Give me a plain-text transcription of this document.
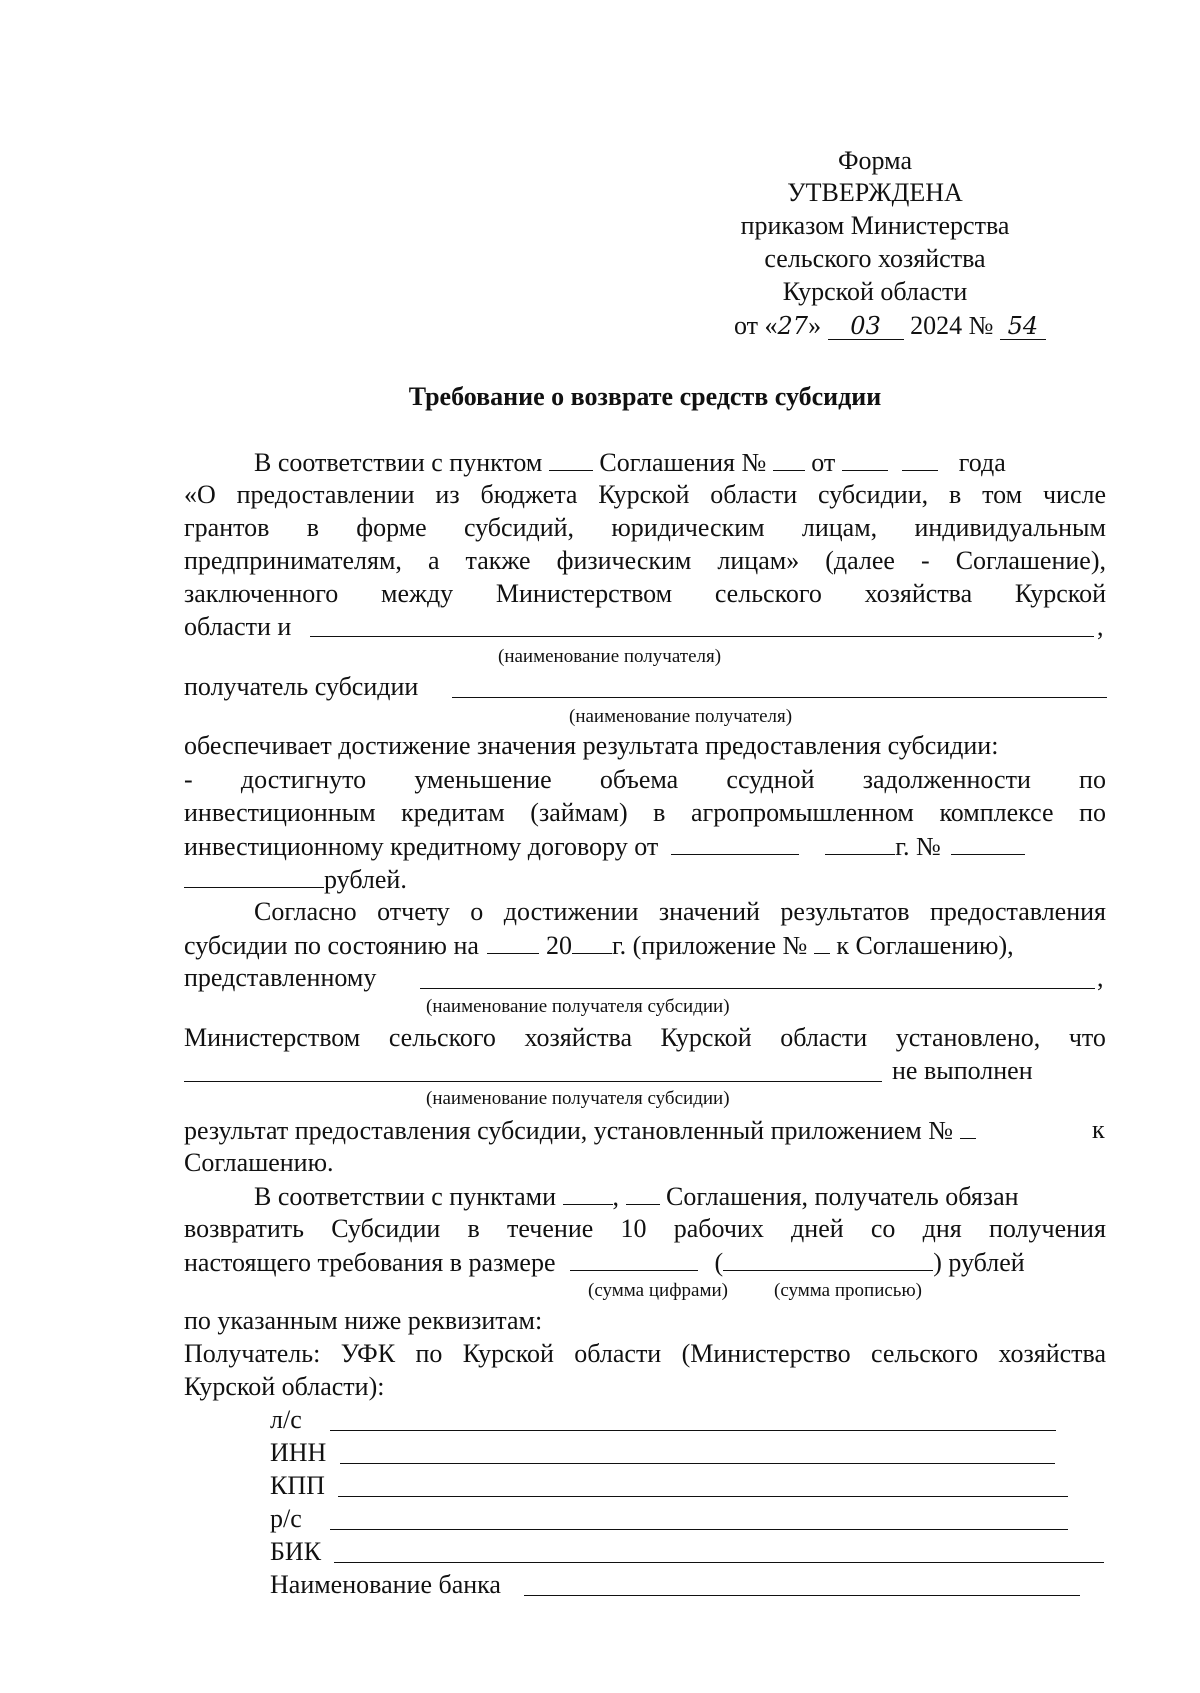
Форма
УТВЕРЖДЕНА
приказом Министерства
сельского хозяйства
Курской области
от «27» 03 2024 № 54
Требование о возврате средств субсидии
В соответствии с пунктом Соглашения № от	года
«О предоставлении из бюджета Курской области субсидии, в том числе
грантов в форме субсидий, юридическим лицам, индивидуальным
предпринимателям, а также физическим лицам» (далее - Соглашение),
заключенного между Министерством сельского хозяйства Курской
области и	,
(наименование получателя)
получатель субсидии
(наименование получателя)
обеспечивает достижение значения результата предоставления субсидии:
- достигнуто уменьшение объема ссудной задолженности по
инвестиционным кредитам (займам) в агропромышленном комплексе по
инвестиционному кредитному договору от	г. №
рублей.
Согласно отчету о достижении значений результатов предоставления
субсидии по состоянию на	20 г. (приложение № к Соглашению),
представленному	,
(наименование получателя субсидии)
Министерством сельского хозяйства Курской области установлено, что
не выполнен
(наименование получателя субсидии)
результат предоставления субсидии, установленный приложением №	к
Соглашению.
В соответствии с пунктами , Соглашения, получатель обязан
возвратить Субсидии в течение 10 рабочих дней со дня получения
настоящего требования в размере	(	) рублей
(сумма цифрами) (сумма прописью)
по указанным ниже реквизитам:
Получатель: УФК по Курской области (Министерство сельского хозяйства
Курской области):
л/с
ИНН
КПП
р/с
БИК
Наименование банка
